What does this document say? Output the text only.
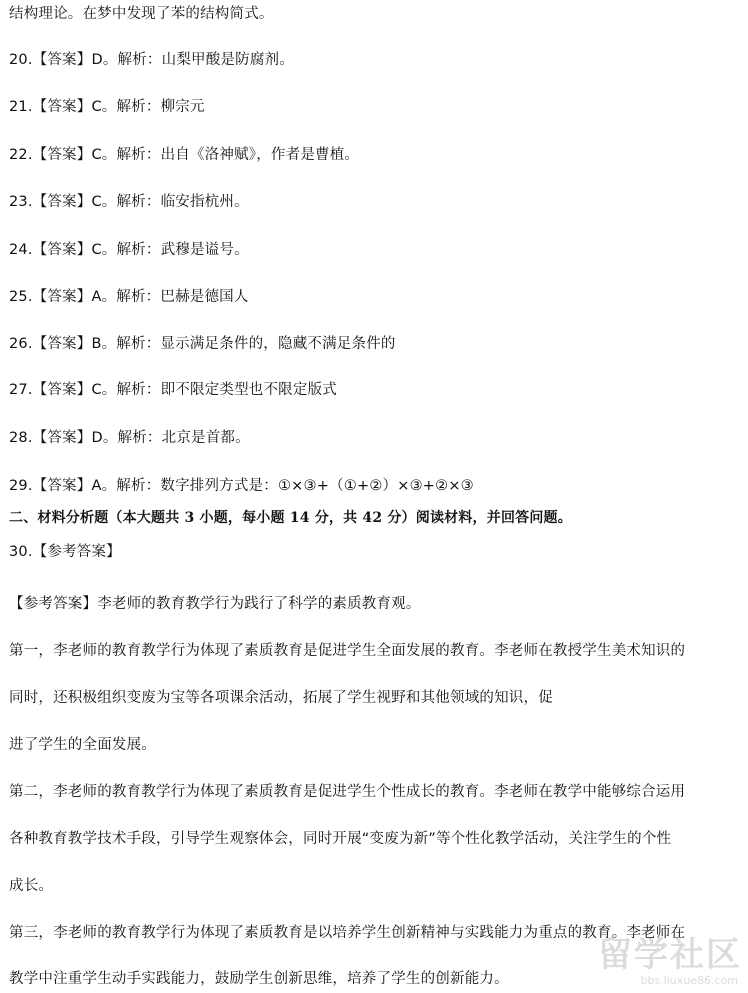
结构理论。在梦中发现了苯的结构简式。
20.【答案】D。解析：山梨甲酸是防腐剂。
21.【答案】C。解析：柳宗元
22.【答案】C。解析：出自《洛神赋》，作者是曹植。
23.【答案】C。解析：临安指杭州。
24.【答案】C。解析：武穆是谥号。
25.【答案】A。解析：巴赫是德国人
26.【答案】B。解析：显示满足条件的，隐藏不满足条件的
27.【答案】C。解析：即不限定类型也不限定版式
28.【答案】D。解析：北京是首都。
29.【答案】A。解析：数字排列方式是：①×③+（①+②）×③+②×③
二、材料分析题（本大题共 3 小题，每小题 14 分，共 42 分）阅读材料，并回答问题。
30.【参考答案】
【参考答案】李老师的教育教学行为践行了科学的素质教育观。
第一，李老师的教育教学行为体现了素质教育是促进学生全面发展的教育。李老师在教授学生美术知识的
同时，还积极组织变废为宝等各项课余活动，拓展了学生视野和其他领域的知识，促
进了学生的全面发展。
第二，李老师的教育教学行为体现了素质教育是促进学生个性成长的教育。李老师在教学中能够综合运用
各种教育教学技术手段，引导学生观察体会，同时开展“变废为新”等个性化教学活动，关注学生的个性
成长。
第三，李老师的教育教学行为体现了素质教育是以培养学生创新精神与实践能力为重点的教育。李老师在
教学中注重学生动手实践能力，鼓励学生创新思维，培养了学生的创新能力。
留学社区
bbs.liuxue86.com
